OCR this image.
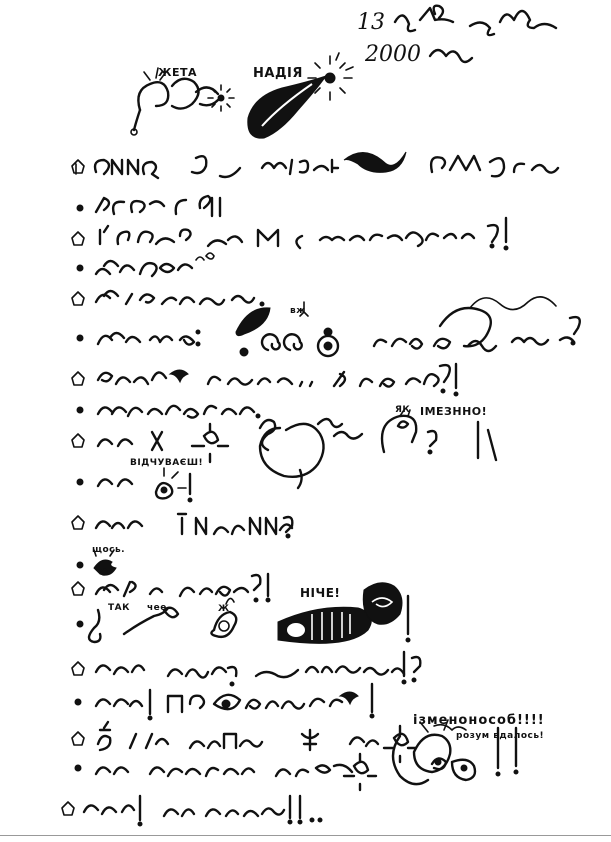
13
2000
ЖЕТА	НАДІЯ
вж
ЯК ІМЕЗННО!
ВІДЧУВАЄШ!
щось.
ТАК чее	Ж
НІЧЕ!
розум вдалось!
ізменонособ!!!!
